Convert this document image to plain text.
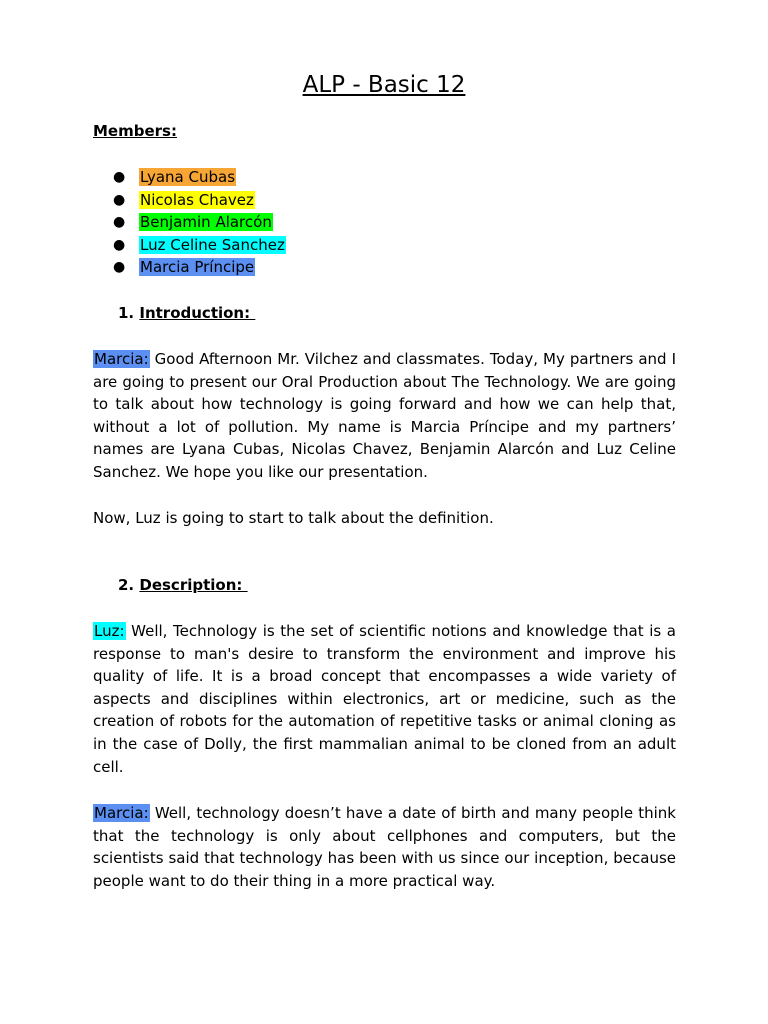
ALP - Basic 12
Members:
● Lyana Cubas
● Nicolas Chavez
● Benjamin Alarcón
● Luz Celine Sanchez
● Marcia Príncipe
1. Introduction:

Marcia: Good Afternoon Mr. Vilchez and classmates. Today, My partners and I are going to present our Oral Production about The Technology. We are going to talk about how technology is going forward and how we can help that, without a lot of pollution. My name is Marcia Príncipe and my partners’ names are Lyana Cubas, Nicolas Chavez, Benjamin Alarcón and Luz Celine Sanchez. We hope you like our presentation.

Now, Luz is going to start to talk about the definition.
2. Description:

Luz: Well, Technology is the set of scientific notions and knowledge that is a response to man's desire to transform the environment and improve his quality of life. It is a broad concept that encompasses a wide variety of aspects and disciplines within electronics, art or medicine, such as the creation of robots for the automation of repetitive tasks or animal cloning as in the case of Dolly, the first mammalian animal to be cloned from an adult cell.

Marcia: Well, technology doesn’t have a date of birth and many people think that the technology is only about cellphones and computers, but the scientists said that technology has been with us since our inception, because people want to do their thing in a more practical way.
